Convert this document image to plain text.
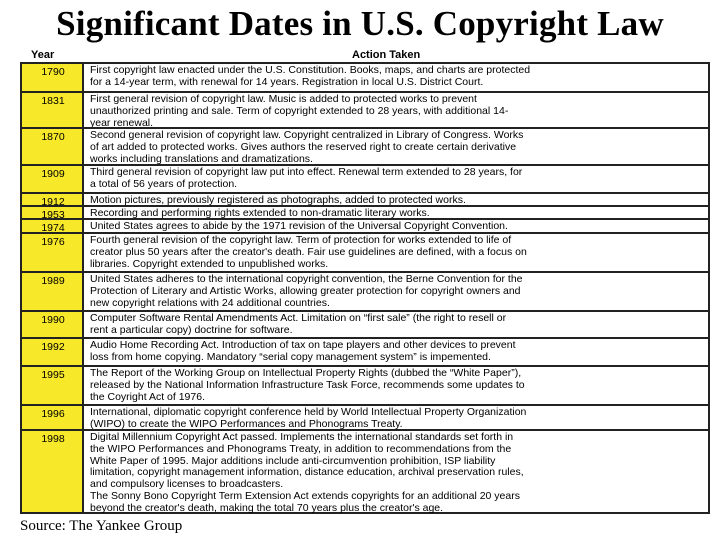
Significant Dates in U.S. Copyright Law
Year	Action Taken
1790	First copyright law enacted under the U.S. Constitution. Books, maps, and charts are protected
for a 14-year term, with renewal for 14 years. Registration in local U.S. District Court.
1831	First general revision of copyright law. Music is added to protected works to prevent
unauthorized printing and sale. Term of copyright extended to 28 years, with additional 14-
year renewal.
1870	Second general revision of copyright law. Copyright centralized in Library of Congress. Works
of art added to protected works. Gives authors the reserved right to create certain derivative
works including translations and dramatizations.
1909	Third general revision of copyright law put into effect. Renewal term extended to 28 years, for
a total of 56 years of protection.
1912	Motion pictures, previously registered as photographs, added to protected works.
1953	Recording and performing rights extended to non-dramatic literary works.
1974	United States agrees to abide by the 1971 revision of the Universal Copyright Convention.
1976	Fourth general revision of the copyright law. Term of protection for works extended to life of
creator plus 50 years after the creator's death. Fair use guidelines are defined, with a focus on
libraries. Copyright extended to unpublished works.
1989	United States adheres to the international copyright convention, the Berne Convention for the
Protection of Literary and Artistic Works, allowing greater protection for copyright owners and
new copyright relations with 24 additional countries.
1990	Computer Software Rental Amendments Act. Limitation on “first sale” (the right to resell or
rent a particular copy) doctrine for software.
1992	Audio Home Recording Act. Introduction of tax on tape players and other devices to prevent
loss from home copying. Mandatory “serial copy management system” is impemented.
1995	The Report of the Working Group on Intellectual Property Rights (dubbed the “White Paper”),
released by the National Information Infrastructure Task Force, recommends some updates to
the Coyright Act of 1976.
1996	International, diplomatic copyright conference held by World Intellectual Property Organization
(WIPO) to create the WIPO Performances and Phonograms Treaty.
1998	Digital Millennium Copyright Act passed. Implements the international standards set forth in
the WIPO Performances and Phonograms Treaty, in addition to recommendations from the
White Paper of 1995. Major additions include anti-circumvention prohibition, ISP liability
limitation, copyright management information, distance education, archival preservation rules,
and compulsory licenses to broadcasters.
The Sonny Bono Copyright Term Extension Act extends copyrights for an additional 20 years
beyond the creator's death, making the total 70 years plus the creator's age.
Source: The Yankee Group
